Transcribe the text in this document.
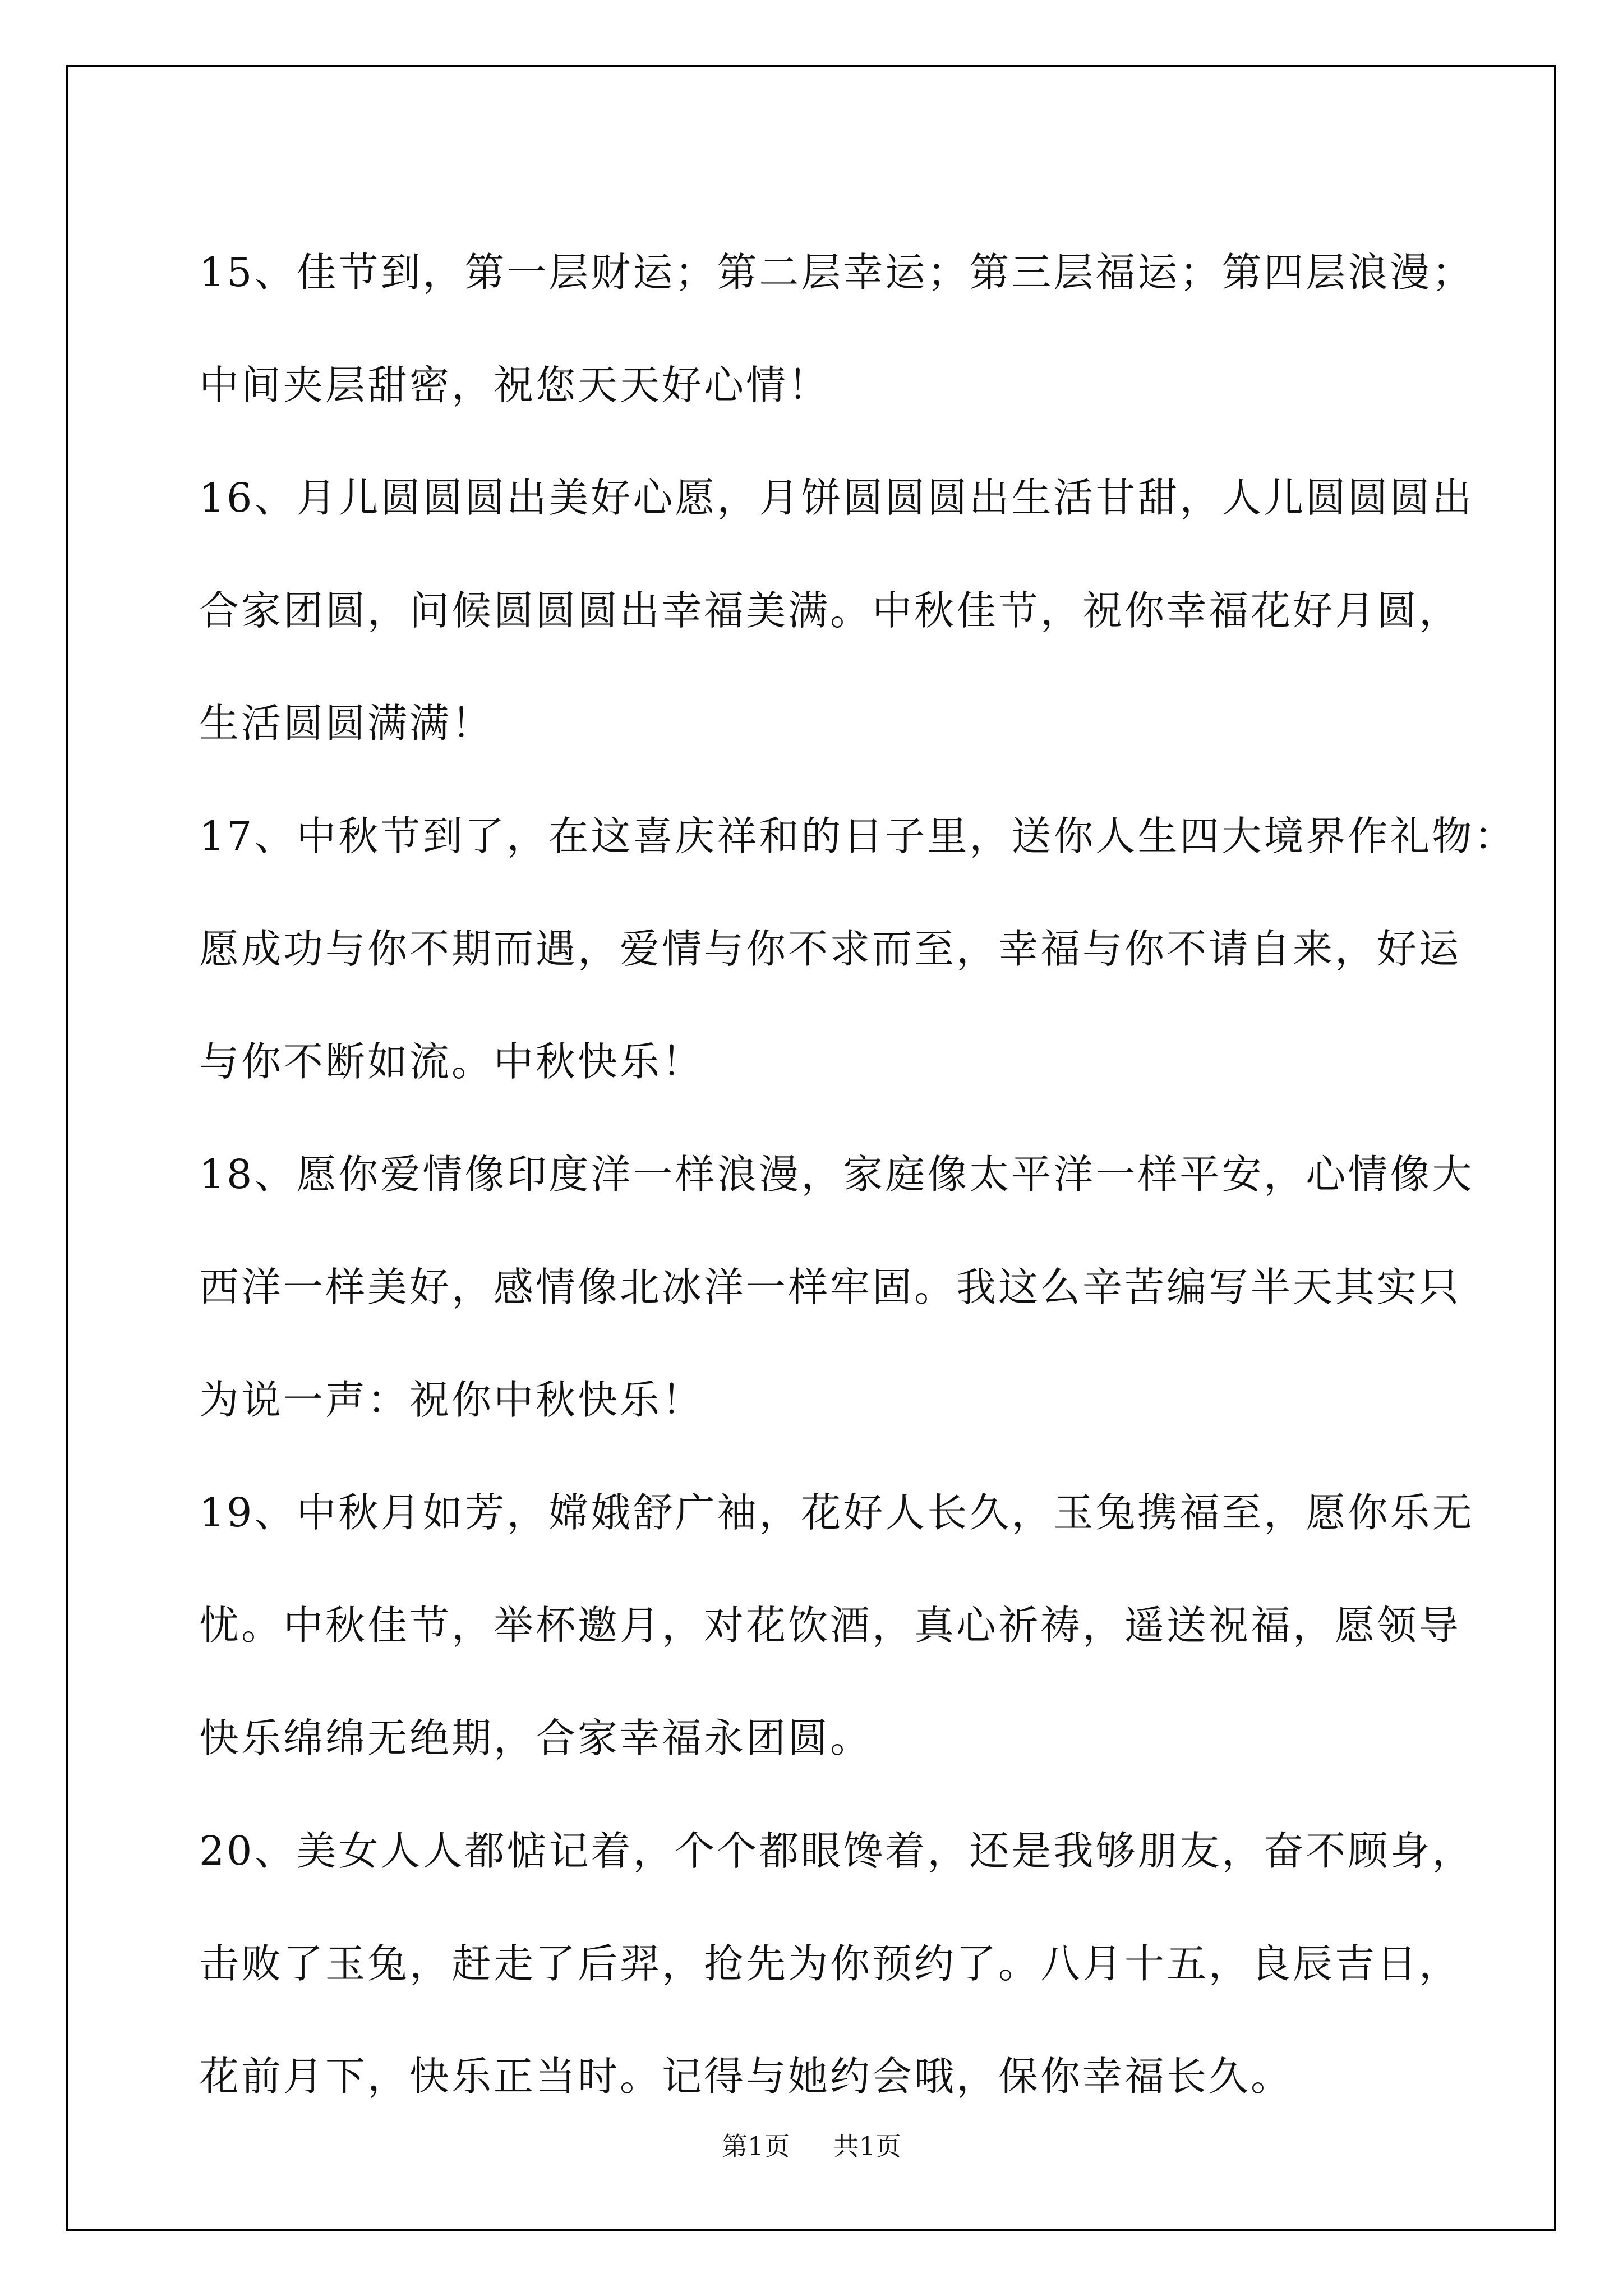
15、佳节到，第一层财运；第二层幸运；第三层福运；第四层浪漫；
中间夹层甜密，祝您天天好心情！
16、月儿圆圆圆出美好心愿，月饼圆圆圆出生活甘甜，人儿圆圆圆出
合家团圆，问候圆圆圆出幸福美满。中秋佳节，祝你幸福花好月圆，
生活圆圆满满！
17、中秋节到了，在这喜庆祥和的日子里，送你人生四大境界作礼物：
愿成功与你不期而遇，爱情与你不求而至，幸福与你不请自来，好运
与你不断如流。中秋快乐！
18、愿你爱情像印度洋一样浪漫，家庭像太平洋一样平安，心情像大
西洋一样美好，感情像北冰洋一样牢固。我这么辛苦编写半天其实只
为说一声：祝你中秋快乐！
19、中秋月如芳，嫦娥舒广袖，花好人长久，玉兔携福至，愿你乐无
忧。中秋佳节，举杯邀月，对花饮酒，真心祈祷，遥送祝福，愿领导
快乐绵绵无绝期，合家幸福永团圆。
20、美女人人都惦记着，个个都眼馋着，还是我够朋友，奋不顾身，
击败了玉兔，赶走了后羿，抢先为你预约了。八月十五，良辰吉日，
花前月下，快乐正当时。记得与她约会哦，保你幸福长久。
第1页 共1页
